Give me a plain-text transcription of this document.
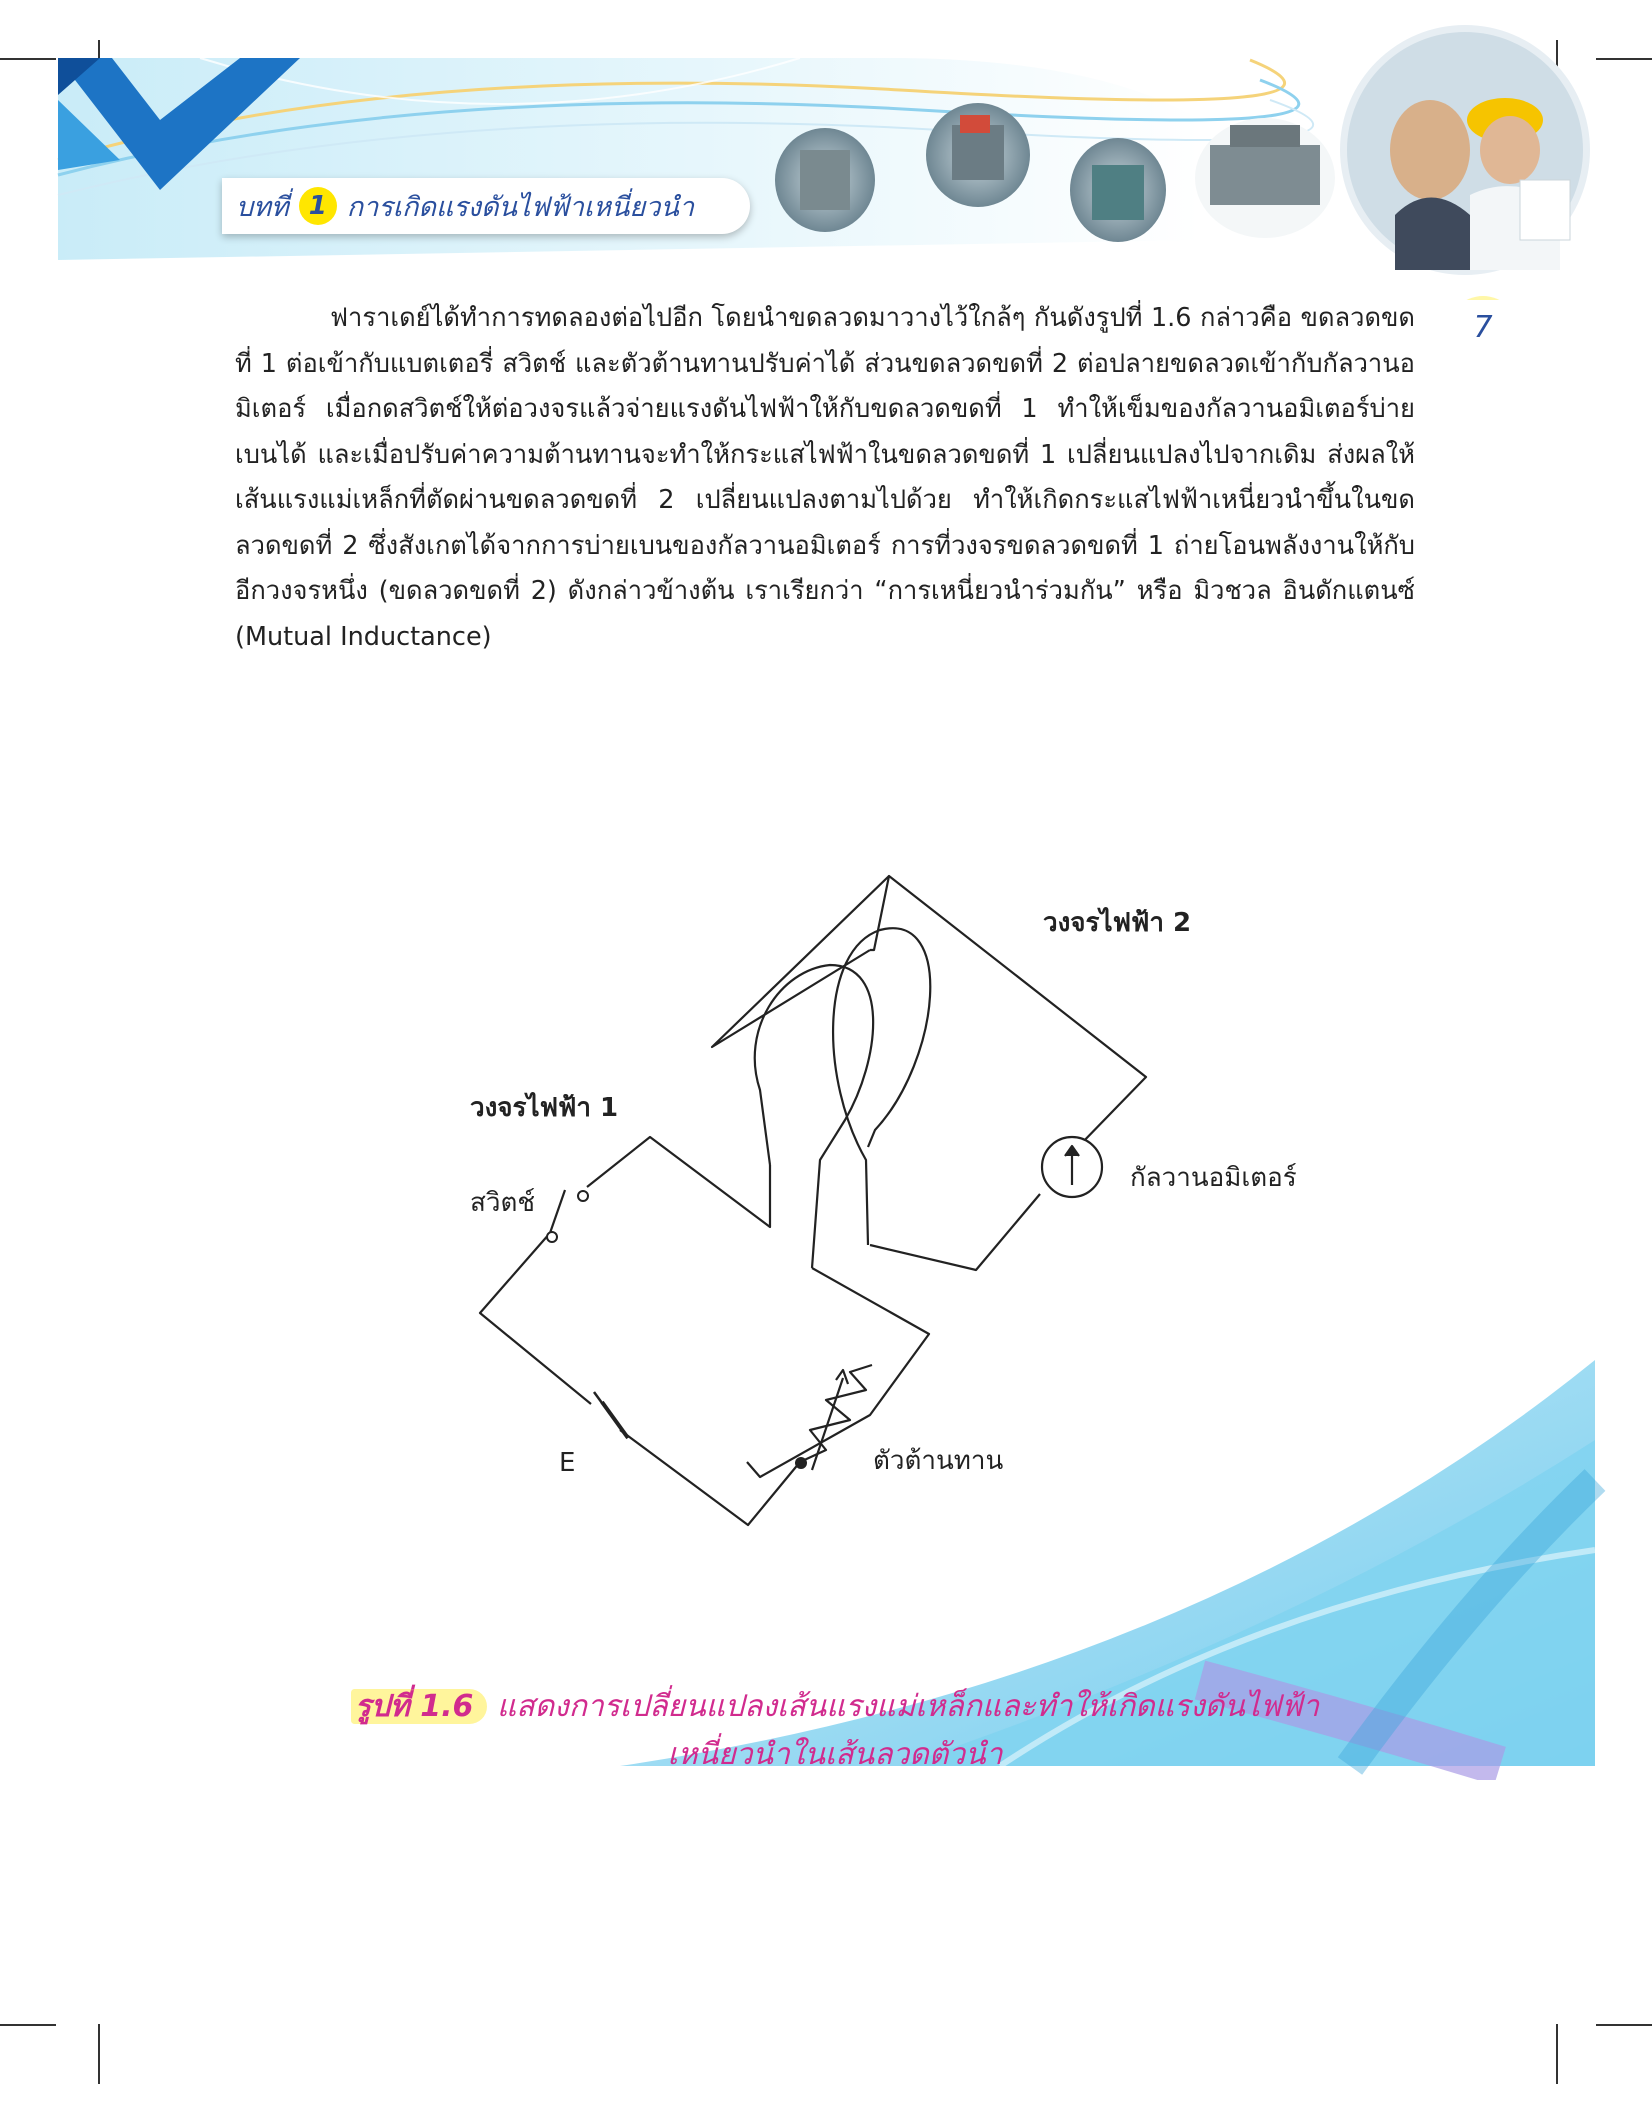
บทที่ 1 การเกิดแรงดันไฟฟ้าเหนี่ยวนำ
7

ฟาราเดย์ได้ทำการทดลองต่อไปอีก โดยนำขดลวดมาวางไว้ใกล้ๆ กันดังรูปที่ 1.6 กล่าวคือ ขดลวดขดที่ 1 ต่อเข้ากับแบตเตอรี่ สวิตช์ และตัวต้านทานปรับค่าได้ ส่วนขดลวดขดที่ 2 ต่อปลายขดลวดเข้ากับกัลวานอมิเตอร์ เมื่อกดสวิตช์ให้ต่อวงจรแล้วจ่ายแรงดันไฟฟ้าให้กับขดลวดขดที่ 1 ทำให้เข็มของกัลวานอมิเตอร์บ่ายเบนได้ และเมื่อปรับค่าความต้านทานจะทำให้กระแสไฟฟ้าในขดลวดขดที่ 1 เปลี่ยนแปลงไปจากเดิม ส่งผลให้เส้นแรงแม่เหล็กที่ตัดผ่านขดลวดขดที่ 2 เปลี่ยนแปลงตามไปด้วย ทำให้เกิดกระแสไฟฟ้าเหนี่ยวนำขึ้นในขดลวดขดที่ 2 ซึ่งสังเกตได้จากการบ่ายเบนของกัลวานอมิเตอร์ การที่วงจรขดลวดขดที่ 1 ถ่ายโอนพลังงานให้กับอีกวงจรหนึ่ง (ขดลวดขดที่ 2) ดังกล่าวข้างต้น เราเรียกว่า “การเหนี่ยวนำร่วมกัน” หรือ มิวชวล อินดักแตนซ์ (Mutual Inductance)

วงจรไฟฟ้า 2
วงจรไฟฟ้า 1
สวิตช์
กัลวานอมิเตอร์
ตัวต้านทาน
E
รูปที่ 1.6 แสดงการเปลี่ยนแปลงเส้นแรงแม่เหล็กและทำให้เกิดแรงดันไฟฟ้า
เหนี่ยวนำในเส้นลวดตัวนำ
